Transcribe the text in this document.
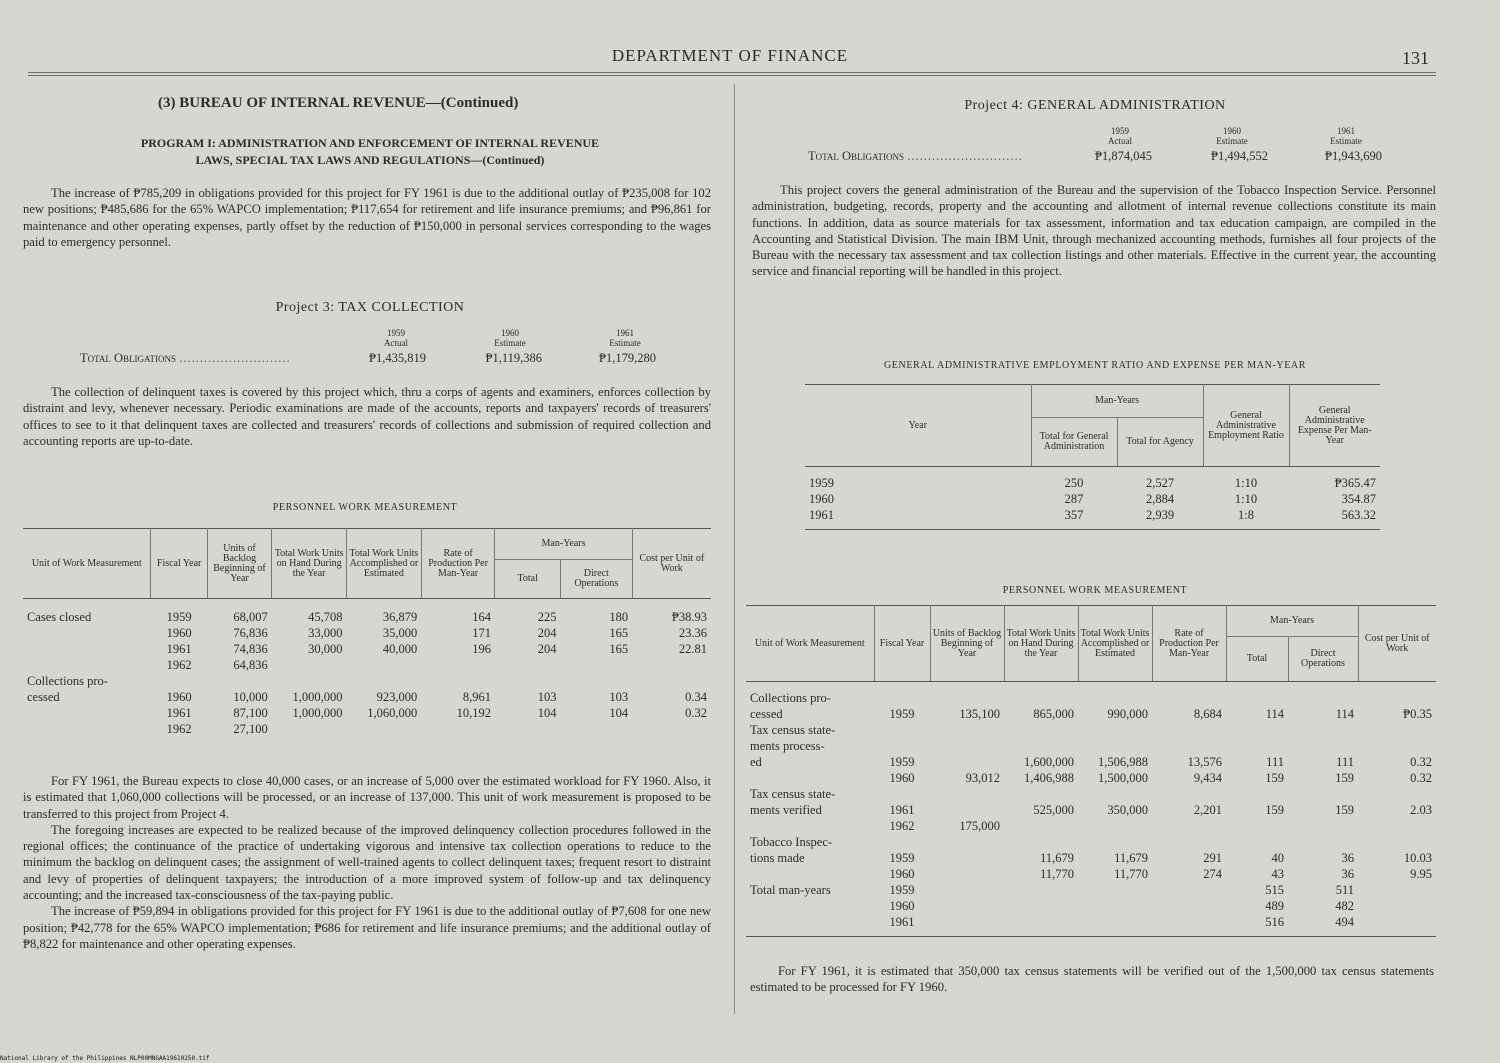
DEPARTMENT OF FINANCE	131
(3) BUREAU OF INTERNAL REVENUE—(Continued)
PROGRAM I: ADMINISTRATION AND ENFORCEMENT OF INTERNAL REVENUE
LAWS, SPECIAL TAX LAWS AND REGULATIONS—(Continued)

The increase of ₱785,209 in obligations provided for this project for FY 1961 is due to the additional outlay of ₱235,008 for 102 new positions; ₱485,686 for the 65% WAPCO implementation; ₱117,654 for retirement and life insurance premiums; and ₱96,861 for maintenance and other operating expenses, partly offset by the reduction of ₱150,000 in personal services corresponding to the wages paid to emergency personnel.

Project 3: TAX COLLECTION
1959
Actual
1960
Estimate
1961
Estimate
Total Obligations ...........................	₱1,435,819	₱1,119,386	₱1,179,280

The collection of delinquent taxes is covered by this project which, thru a corps of agents and examiners, enforces collection by distraint and levy, whenever necessary. Periodic examinations are made of the accounts, reports and taxpayers' records of treasurers' offices to see to it that delinquent taxes are collected and treasurers' records of collections and submission of required collection and accounting reports are up-to-date.

PERSONNEL WORK MEASUREMENT
Unit of Work Measurement	Fiscal Year	Units of Backlog Beginning of Year	Total Work Units on Hand During the Year	Total Work Units Accomplished or Estimated	Rate of Production Per Man-Year	Man-Years		Cost per Unit of Work
						Total	Direct Operations	

Cases closed	1959	68,007	45,708	36,879	164	225	180	₱38.93
	1960	76,836	33,000	35,000	171	204	165	23.36
	1961	74,836	30,000	40,000	196	204	165	22.81
	1962	64,836						
Collections pro-								
cessed	1960	10,000	1,000,000	923,000	8,961	103	103	0.34
	1961	87,100	1,000,000	1,060,000	10,192	104	104	0.32
	1962	27,100						

For FY 1961, the Bureau expects to close 40,000 cases, or an increase of 5,000 over the estimated workload for FY 1960. Also, it is estimated that 1,060,000 collections will be processed, or an increase of 137,000. This unit of work measurement is proposed to be transferred to this project from Project 4.

The foregoing increases are expected to be realized because of the improved delinquency collection procedures followed in the regional offices; the continuance of the practice of undertaking vigorous and intensive tax collection operations to reduce to the minimum the backlog on delinquent cases; the assignment of well-trained agents to collect delinquent taxes; frequent resort to distraint and levy of properties of delinquent taxpayers; the introduction of a more improved system of follow-up and tax delinquency accounting; and the increased tax-consciousness of the tax-paying public.

The increase of ₱59,894 in obligations provided for this project for FY 1961 is due to the additional outlay of ₱7,608 for one new position; ₱42,778 for the 65% WAPCO implementation; ₱686 for retirement and life insurance premiums; and the additional outlay of ₱8,822 for maintenance and other operating expenses.

Project 4: GENERAL ADMINISTRATION
1959
Actual
1960
Estimate
1961
Estimate
Total Obligations ............................	₱1,874,045	₱1,494,552	₱1,943,690

This project covers the general administration of the Bureau and the supervision of the Tobacco Inspection Service. Personnel administration, budgeting, records, property and the accounting and allotment of internal revenue collections constitute its main functions. In addition, data as source materials for tax assessment, information and tax education campaign, are compiled in the Accounting and Statistical Division. The main IBM Unit, through mechanized accounting methods, furnishes all four projects of the Bureau with the necessary tax assessment and tax collection listings and other materials. Effective in the current year, the accounting service and financial reporting will be handled in this project.

GENERAL ADMINISTRATIVE EMPLOYMENT RATIO AND EXPENSE PER MAN-YEAR
Year	Man-Years		General Administrative Employment Ratio	General Administrative Expense Per Man-Year
	Total for General Administration	Total for Agency		

1959	250	2,527	1:10	₱365.47
1960	287	2,884	1:10	354.87
1961	357	2,939	1:8	563.32

PERSONNEL WORK MEASUREMENT
Unit of Work Measurement	Fiscal Year	Units of Backlog Beginning of Year	Total Work Units on Hand During the Year	Total Work Units Accomplished or Estimated	Rate of Production Per Man-Year	Man-Years		Cost per Unit of Work
						Total	Direct Operations	

Collections pro-								
cessed	1959	135,100	865,000	990,000	8,684	114	114	₱0.35
Tax census state-								
ments process-								
ed	1959		1,600,000	1,506,988	13,576	111	111	0.32
	1960	93,012	1,406,988	1,500,000	9,434	159	159	0.32
Tax census state-								
ments verified	1961		525,000	350,000	2,201	159	159	2.03
	1962	175,000						
Tobacco Inspec-								
tions made	1959		11,679	11,679	291	40	36	10.03
	1960		11,770	11,770	274	43	36	9.95
Total man-years	1959					515	511	
	1960					489	482	
	1961					516	494	

For FY 1961, it is estimated that 350,000 tax census statements will be verified out of the 1,500,000 tax census statements estimated to be processed for FY 1960.

National Library of the Philippines NLP00MNGAA19610250.tif
